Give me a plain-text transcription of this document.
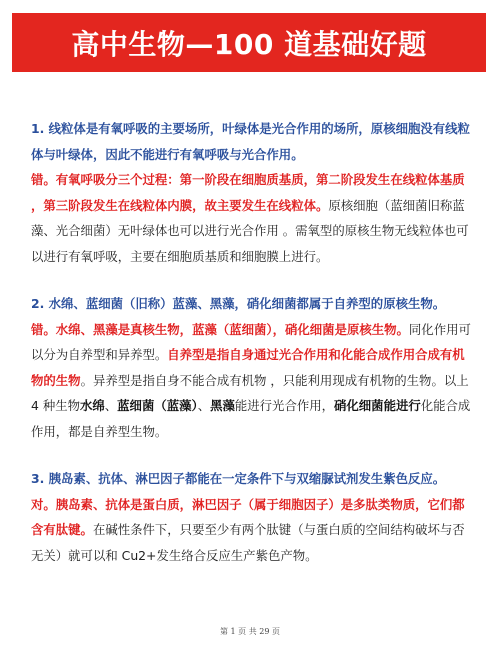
高中生物—100 道基础好题

1. 线粒体是有氧呼吸的主要场所，叶绿体是光合作用的场所，原核细胞没有线粒体与叶绿体，因此不能进行有氧呼吸与光合作用。

错。有氧呼吸分三个过程：第一阶段在细胞质基质，第二阶段发生在线粒体基质 ，第三阶段发生在线粒体内膜，故主要发生在线粒体。原核细胞（蓝细菌旧称蓝藻、光合细菌）无叶绿体也可以进行光合作用 。需氧型的原核生物无线粒体也可以进行有氧呼吸，主要在细胞质基质和细胞膜上进行。

2. 水绵、蓝细菌（旧称）蓝藻、黑藻，硝化细菌都属于自养型的原核生物。

错。水绵、黑藻是真核生物，蓝藻（蓝细菌），硝化细菌是原核生物。同化作用可以分为自养型和异养型。自养型是指自身通过光合作用和化能合成作用合成有机物的生物。异养型是指自身不能合成有机物 ，只能利用现成有机物的生物。以上 4 种生物水绵、蓝细菌（蓝藻）、黑藻能进行光合作用，硝化细菌能进行化能合成作用，都是自养型生物。

3. 胰岛素、抗体、淋巴因子都能在一定条件下与双缩脲试剂发生紫色反应。

对。胰岛素、抗体是蛋白质，淋巴因子（属于细胞因子）是多肽类物质，它们都含有肽键。在碱性条件下，只要至少有两个肽键（与蛋白质的空间结构破坏与否无关）就可以和 Cu2+发生络合反应生产紫色产物。

第 1 页 共 29 页
